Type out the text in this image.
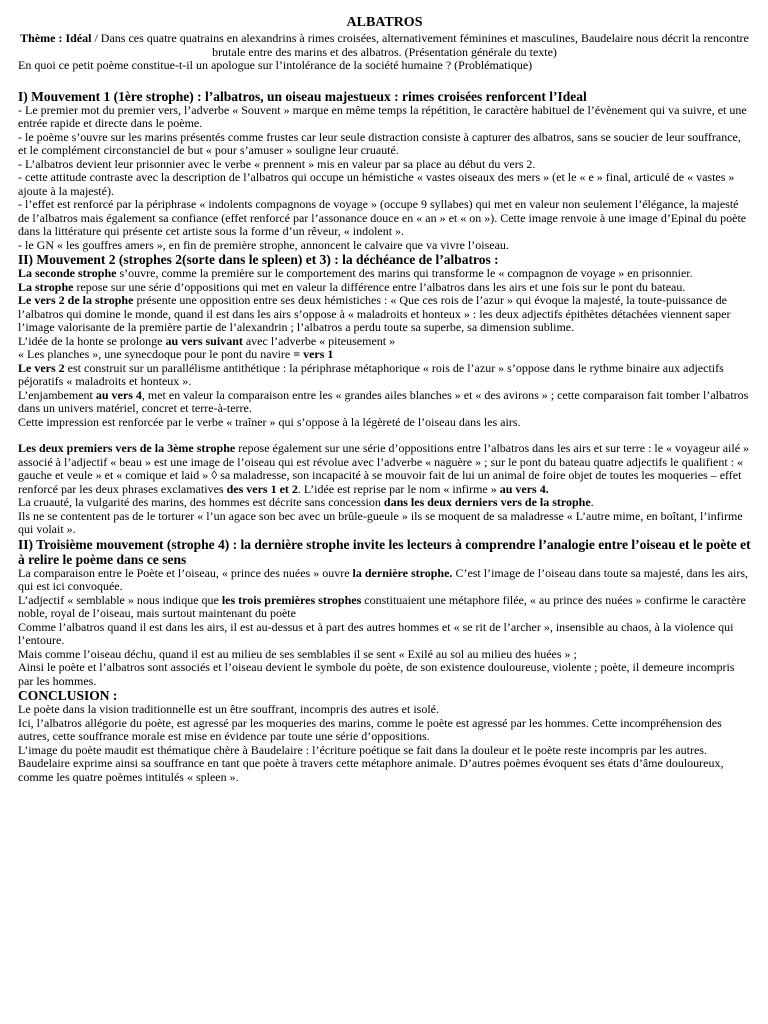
ALBATROS

Thème : Idéal / Dans ces quatre quatrains en alexandrins à rimes croisées, alternativement féminines et masculines, Baudelaire nous décrit la rencontre brutale entre des marins et des albatros. (Présentation générale du texte)

En quoi ce petit poème constitue-t-il un apologue sur l’intolérance de la société humaine ? (Problématique)

I) Mouvement 1 (1ère strophe) : l’albatros, un oiseau majestueux : rimes croisées renforcent l’Ideal

- Le premier mot du premier vers, l’adverbe « Souvent » marque en même temps la répétition, le caractère habituel de l’évènement qui va suivre, et une entrée rapide et directe dans le poème.

- le poème s’ouvre sur les marins présentés comme frustes car leur seule distraction consiste à capturer des albatros, sans se soucier de leur souffrance, et le complément circonstanciel de but « pour s’amuser » souligne leur cruauté.

- L’albatros devient leur prisonnier avec le verbe « prennent » mis en valeur par sa place au début du vers 2.

- cette attitude contraste avec la description de l’albatros qui occupe un hémistiche « vastes oiseaux des mers » (et le « e » final, articulé de « vastes » ajoute à la majesté).

- l’effet est renforcé par la périphrase « indolents compagnons de voyage » (occupe 9 syllabes) qui met en valeur non seulement l’élégance, la majesté de l’albatros mais également sa confiance (effet renforcé par l’assonance douce en « an » et « on »). Cette image renvoie à une image d’Epinal du poète dans la littérature qui présente cet artiste sous la forme d’un rêveur, « indolent ».

- le GN « les gouffres amers », en fin de première strophe, annoncent le calvaire que va vivre l’oiseau.

II) Mouvement 2 (strophes 2(sorte dans le spleen) et 3) : la déchéance de l’albatros :

La seconde strophe s’ouvre, comme la première sur le comportement des marins qui transforme le « compagnon de voyage » en prisonnier.

La strophe repose sur une série d’oppositions qui met en valeur la différence entre l’albatros dans les airs et une fois sur le pont du bateau.

Le vers 2 de la strophe présente une opposition entre ses deux hémistiches : « Que ces rois de l’azur » qui évoque la majesté, la toute-puissance de l’albatros qui domine le monde, quand il est dans les airs s’oppose à « maladroits et honteux » : les deux adjectifs épithètes détachées viennent saper l’image valorisante de la première partie de l’alexandrin ; l’albatros a perdu toute sa superbe, sa dimension sublime.

L’idée de la honte se prolonge au vers suivant avec l’adverbe « piteusement »

« Les planches », une synecdoque pour le pont du navire = vers 1

Le vers 2 est construit sur un parallélisme antithétique : la périphrase métaphorique « rois de l’azur » s’oppose dans le rythme binaire aux adjectifs péjoratifs « maladroits et honteux ».

L’enjambement au vers 4, met en valeur la comparaison entre les « grandes ailes blanches » et « des avirons » ; cette comparaison fait tomber l’albatros dans un univers matériel, concret et terre-à-terre.

Cette impression est renforcée par le verbe « traîner » qui s’oppose à la légèreté de l’oiseau dans les airs.

Les deux premiers vers de la 3ème strophe repose également sur une série d’oppositions entre l’albatros dans les airs et sur terre : le « voyageur ailé » associé à l’adjectif « beau » est une image de l’oiseau qui est révolue avec l’adverbe « naguère » ; sur le pont du bateau quatre adjectifs le qualifient : « gauche et veule » et « comique et laid » ◊ sa maladresse, son incapacité à se mouvoir fait de lui un animal de foire objet de toutes les moqueries – effet renforcé par les deux phrases exclamatives des vers 1 et 2. L’idée est reprise par le nom « infirme » au vers 4.

La cruauté, la vulgarité des marins, des hommes est décrite sans concession dans les deux derniers vers de la strophe.

Ils ne se contentent pas de le torturer « l’un agace son bec avec un brûle-gueule » ils se moquent de sa maladresse « L’autre mime, en boîtant, l’infirme qui volait ».

II) Troisième mouvement (strophe 4) : la dernière strophe invite les lecteurs à comprendre l’analogie entre l’oiseau et le poète et à relire le poème dans ce sens

La comparaison entre le Poète et l’oiseau, « prince des nuées » ouvre la dernière strophe. C’est l’image de l’oiseau dans toute sa majesté, dans les airs, qui est ici convoquée.

L’adjectif « semblable » nous indique que les trois premières strophes constituaient une métaphore filée, « au prince des nuées » confirme le caractère noble, royal de l’oiseau, mais surtout maintenant du poète

Comme l’albatros quand il est dans les airs, il est au-dessus et à part des autres hommes et « se rit de l’archer », insensible au chaos, à la violence qui l’entoure.

Mais comme l’oiseau déchu, quand il est au milieu de ses semblables il se sent « Exilé au sol au milieu des huées » ;

Ainsi le poète et l’albatros sont associés et l’oiseau devient le symbole du poète, de son existence douloureuse, violente ; poète, il demeure incompris par les hommes.

CONCLUSION :

Le poète dans la vision traditionnelle est un être souffrant, incompris des autres et isolé.

Ici, l’albatros allégorie du poète, est agressé par les moqueries des marins, comme le poète est agressé par les hommes. Cette incompréhension des autres, cette souffrance morale est mise en évidence par toute une série d’oppositions.

L’image du poète maudit est thématique chère à Baudelaire : l’écriture poétique se fait dans la douleur et le poète reste incompris par les autres.

Baudelaire exprime ainsi sa souffrance en tant que poète à travers cette métaphore animale. D’autres poèmes évoquent ses états d’âme douloureux, comme les quatre poèmes intitulés « spleen ».
